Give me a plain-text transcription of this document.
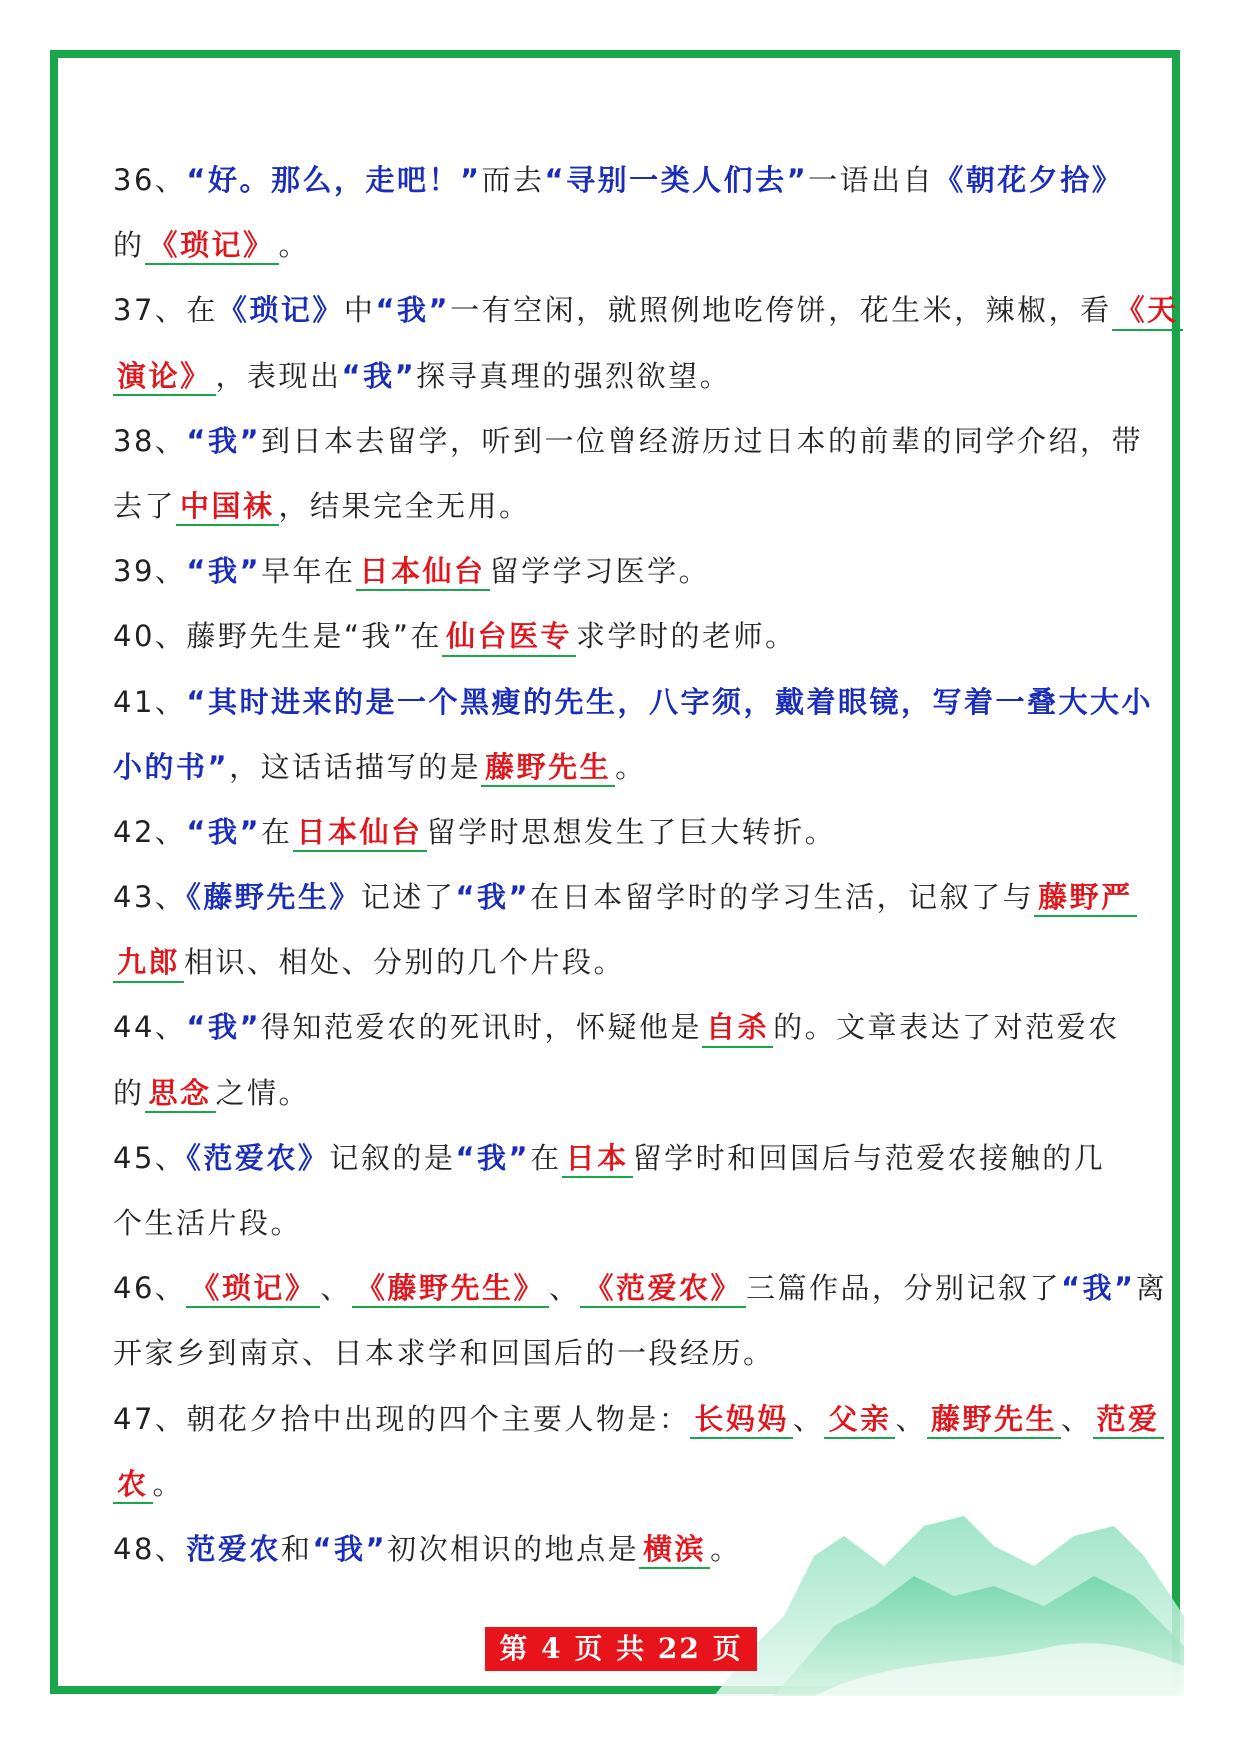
36、“好。那么，走吧！”而去“寻别一类人们去”一语出自《朝花夕拾》
的 《琐记》 。
37、在《琐记》中“我”一有空闲，就照例地吃侉饼，花生米，辣椒，看 《天
演论》 ，表现出“我”探寻真理的强烈欲望。
38、“我”到日本去留学，听到一位曾经游历过日本的前辈的同学介绍，带
去了 中国袜 ，结果完全无用。
39、“我”早年在 日本仙台 留学学习医学。
40、藤野先生是“我”在 仙台医专 求学时的老师。
41、“其时进来的是一个黑瘦的先生，八字须，戴着眼镜，写着一叠大大小
小的书”，这话话描写的是 藤野先生 。
42、“我”在 日本仙台 留学时思想发生了巨大转折。
43、《藤野先生》记述了“我”在日本留学时的学习生活，记叙了与 藤野严
九郎 相识、相处、分别的几个片段。
44、“我”得知范爱农的死讯时，怀疑他是 自杀 的。文章表达了对范爱农
的 思念 之情。
45、《范爱农》记叙的是“我”在 日本 留学时和回国后与范爱农接触的几
个生活片段。
46、 《琐记》 、 《藤野先生》 、 《范爱农》 三篇作品，分别记叙了“我”离
开家乡到南京、日本求学和回国后的一段经历。
47、朝花夕拾中出现的四个主要人物是： 长妈妈 、 父亲 、 藤野先生 、 范爱
农 。
48、范爱农和“我”初次相识的地点是 横滨 。
第 4 页 共 22 页
